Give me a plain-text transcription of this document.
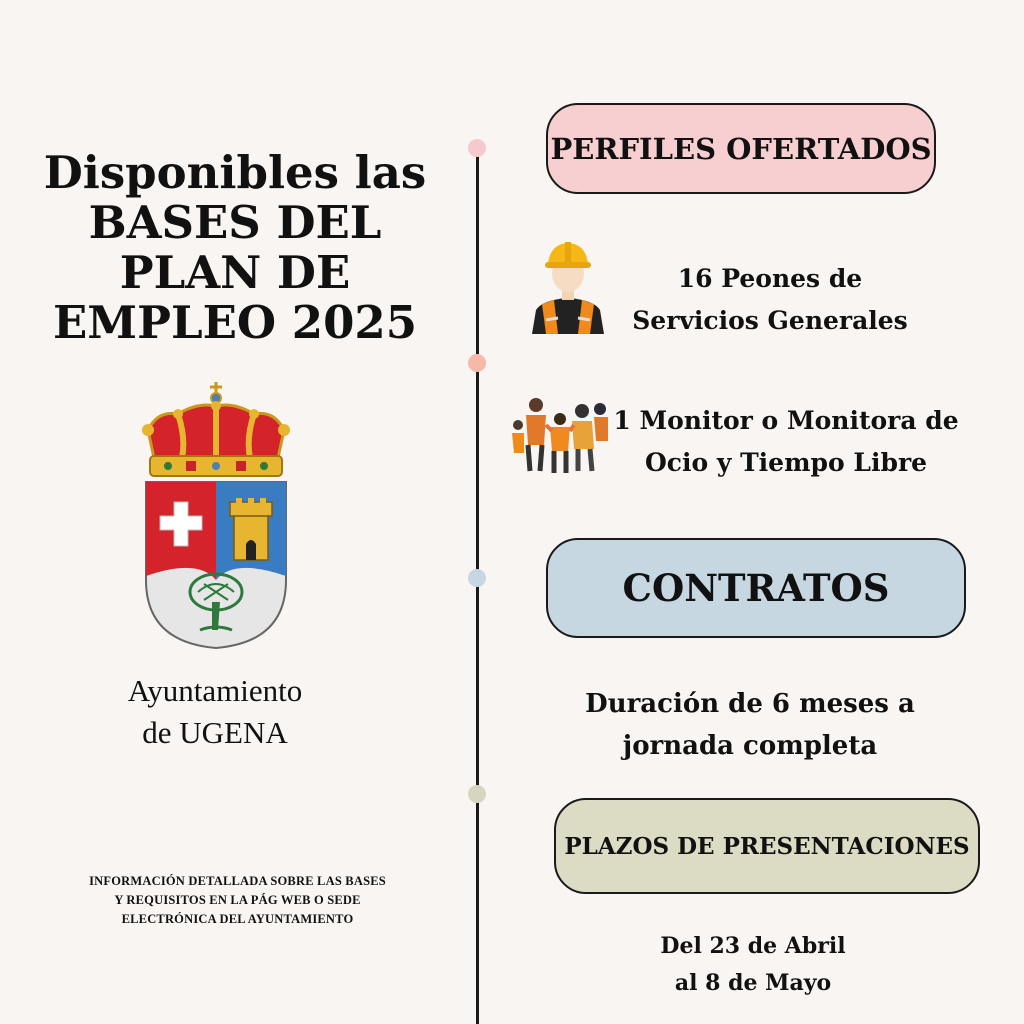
Disponibles las
BASES DEL
PLAN DE
EMPLEO 2025
Ayuntamiento
de UGENA
INFORMACIÓN DETALLADA SOBRE LAS BASES
Y REQUISITOS EN LA PÁG WEB O SEDE
ELECTRÓNICA DEL AYUNTAMIENTO
PERFILES OFERTADOS
16 Peones de
Servicios Generales
1 Monitor o Monitora de
Ocio y Tiempo Libre
CONTRATOS
Duración de 6 meses a
jornada completa
PLAZOS DE PRESENTACIONES
Del 23 de Abril
al 8 de Mayo
